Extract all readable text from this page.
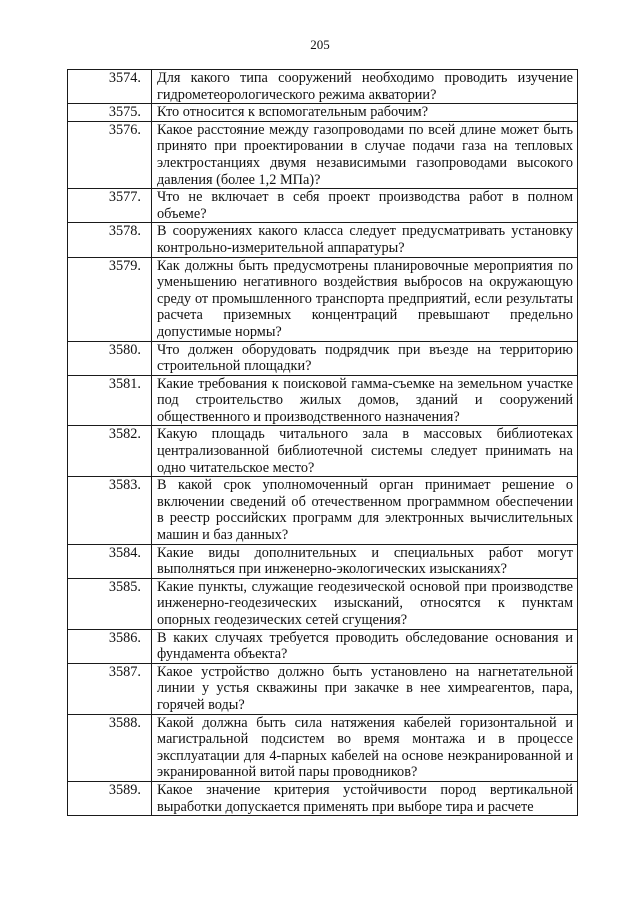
205
3574.	Для какого типа сооружений необходимо проводить изучение гидрометеорологического режима акватории?
3575.	Кто относится к вспомогательным рабочим?
3576.	Какое расстояние между газопроводами по всей длине может быть принято при проектировании в случае подачи газа на тепловых электростанциях двумя независимыми газопроводами высокого давления (более 1,2 МПа)?
3577.	Что не включает в себя проект производства работ в полном объеме?
3578.	В сооружениях какого класса следует предусматривать установку контрольно-измерительной аппаратуры?
3579.	Как должны быть предусмотрены планировочные мероприятия по уменьшению негативного воздействия выбросов на окружающую среду от промышленного транспорта предприятий, если результаты расчета приземных концентраций превышают предельно допустимые нормы?
3580.	Что должен оборудовать подрядчик при въезде на территорию строительной площадки?
3581.	Какие требования к поисковой гамма-съемке на земельном участке под строительство жилых домов, зданий и сооружений общественного и производственного назначения?
3582.	Какую площадь читального зала в массовых библиотеках централизованной библиотечной системы следует принимать на одно читательское место?
3583.	В какой срок уполномоченный орган принимает решение о включении сведений об отечественном программном обеспечении в реестр российских программ для электронных вычислительных машин и баз данных?
3584.	Какие виды дополнительных и специальных работ могут выполняться при инженерно-экологических изысканиях?
3585.	Какие пункты, служащие геодезической основой при производстве инженерно-геодезических изысканий, относятся к пунктам опорных геодезических сетей сгущения?
3586.	В каких случаях требуется проводить обследование основания и фундамента объекта?
3587.	Какое устройство должно быть установлено на нагнетательной линии у устья скважины при закачке в нее химреагентов, пара, горячей воды?
3588.	Какой должна быть сила натяжения кабелей горизонтальной и магистральной подсистем во время монтажа и в процессе эксплуатации для 4-парных кабелей на основе неэкранированной и экранированной витой пары проводников?
3589.	Какое значение критерия устойчивости пород вертикальной выработки допускается применять при выборе тира и расчете
